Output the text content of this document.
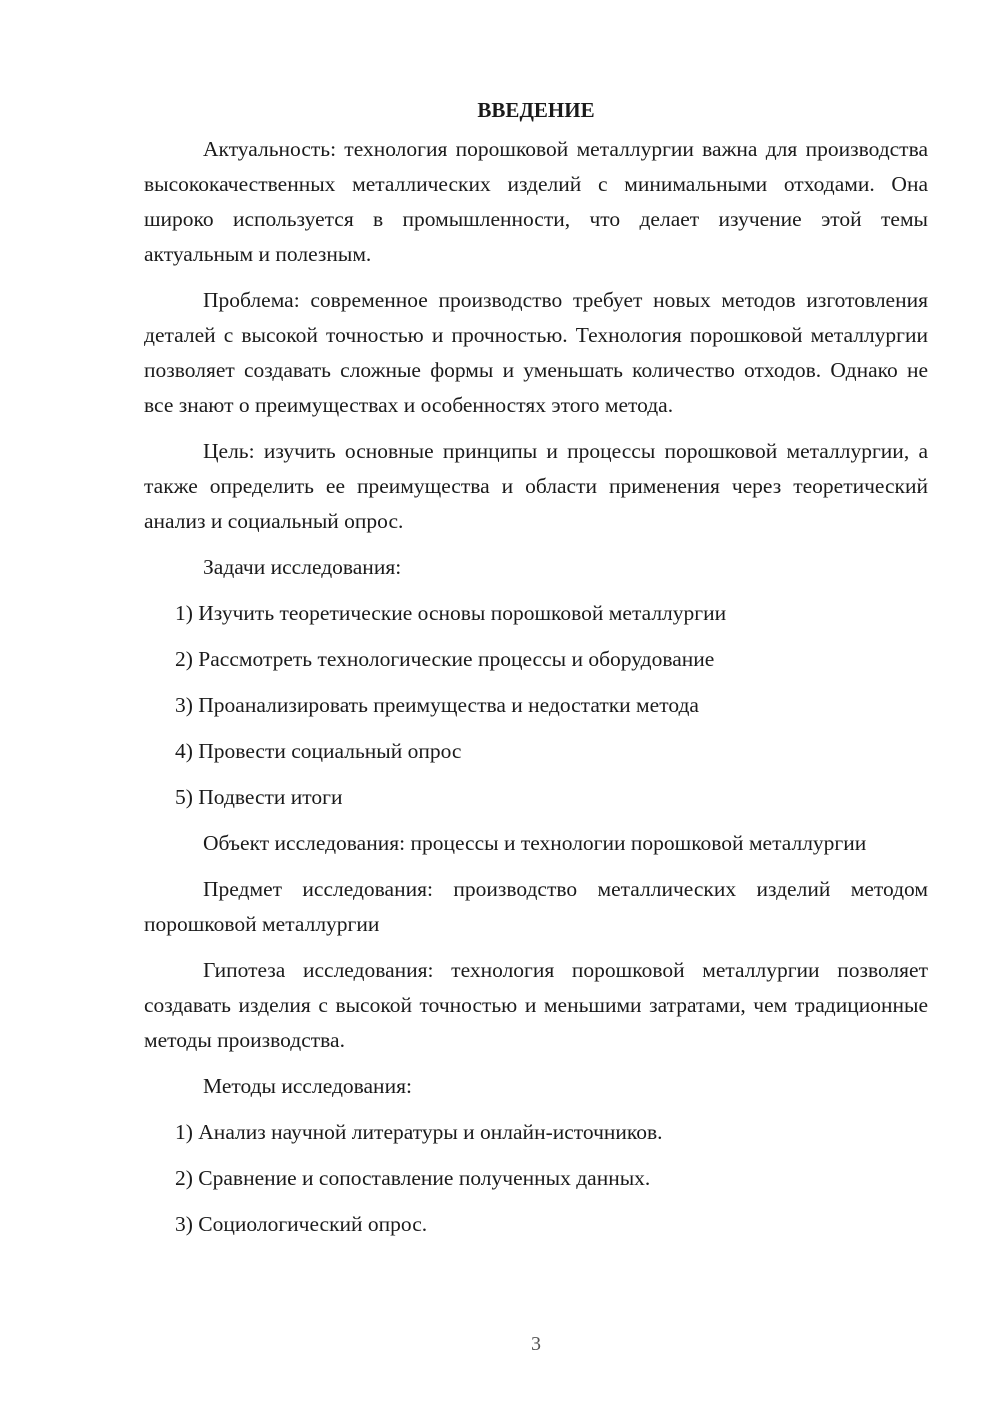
ВВЕДЕНИЕ

Актуальность: технология порошковой металлургии важна для производства высококачественных металлических изделий с минимальными отходами. Она широко используется в промышленности, что делает изучение этой темы актуальным и полезным.

Проблема: современное производство требует новых методов изготовления деталей с высокой точностью и прочностью. Технология порошковой металлургии позволяет создавать сложные формы и уменьшать количество отходов. Однако не все знают о преимуществах и особенностях этого метода.

Цель: изучить основные принципы и процессы порошковой металлургии, а также определить ее преимущества и области применения через теоретический анализ и социальный опрос.

Задачи исследования:

1) Изучить теоретические основы порошковой металлургии
2) Рассмотреть технологические процессы и оборудование
3) Проанализировать преимущества и недостатки метода
4) Провести социальный опрос
5) Подвести итоги

Объект исследования: процессы и технологии порошковой металлургии

Предмет исследования: производство металлических изделий методом порошковой металлургии

Гипотеза исследования: технология порошковой металлургии позволяет создавать изделия с высокой точностью и меньшими затратами, чем традиционные методы производства.

Методы исследования:

1) Анализ научной литературы и онлайн-источников.
2) Сравнение и сопоставление полученных данных.
3) Социологический опрос.
3
